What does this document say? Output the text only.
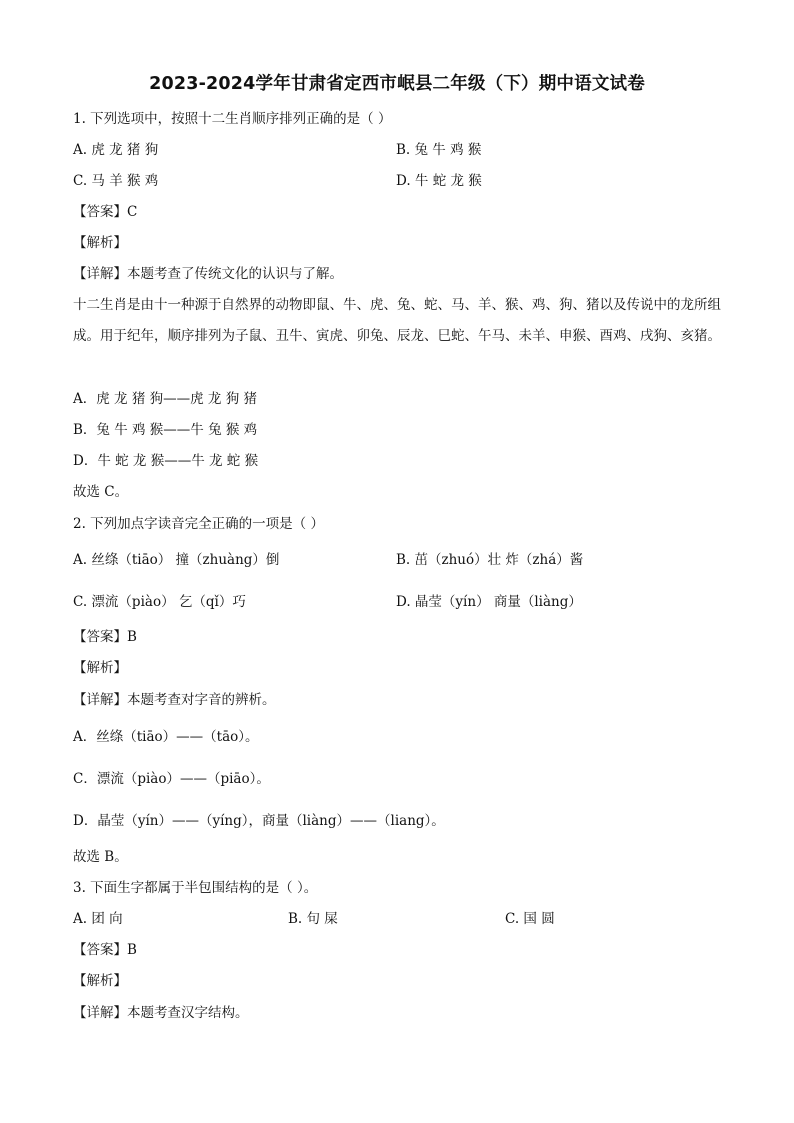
2023-2024学年甘肃省定西市岷县二年级（下）期中语文试卷
1. 下列选项中，按照十二生肖顺序排列正确的是（ ）
A. 虎 龙 猪 狗	B. 兔 牛 鸡 猴
C. 马 羊 猴 鸡	D. 牛 蛇 龙 猴
【答案】C
【解析】
【详解】本题考查了传统文化的认识与了解。
十二生肖是由十一种源于自然界的动物即鼠、牛、虎、兔、蛇、马、羊、猴、鸡、狗、猪以及传说中的龙所组成。用于纪年，顺序排列为子鼠、丑牛、寅虎、卯兔、辰龙、巳蛇、午马、未羊、申猴、酉鸡、戌狗、亥猪。
A．虎 龙 猪 狗——虎 龙 狗 猪
B．兔 牛 鸡 猴——牛 兔 猴 鸡
D．牛 蛇 龙 猴——牛 龙 蛇 猴
故选 C。
2. 下列加点字读音完全正确的一项是（ ）
A. 丝绦（tiāo） 撞（zhuàng）倒	B. 茁（zhuó）壮 炸（zhá）酱
C. 漂流（piào） 乞（qǐ）巧	D. 晶莹（yín） 商量（liàng）
【答案】B
【解析】
【详解】本题考查对字音的辨析。
A．丝绦（tiāo）——（tāo）。
C．漂流（piào）——（piāo）。
D．晶莹（yín）——（yíng），商量（liàng）——（liang）。
故选 B。
3. 下面生字都属于半包围结构的是（ ）。
A. 团 向	B. 句 屎	C. 国 圆
【答案】B
【解析】
【详解】本题考查汉字结构。
